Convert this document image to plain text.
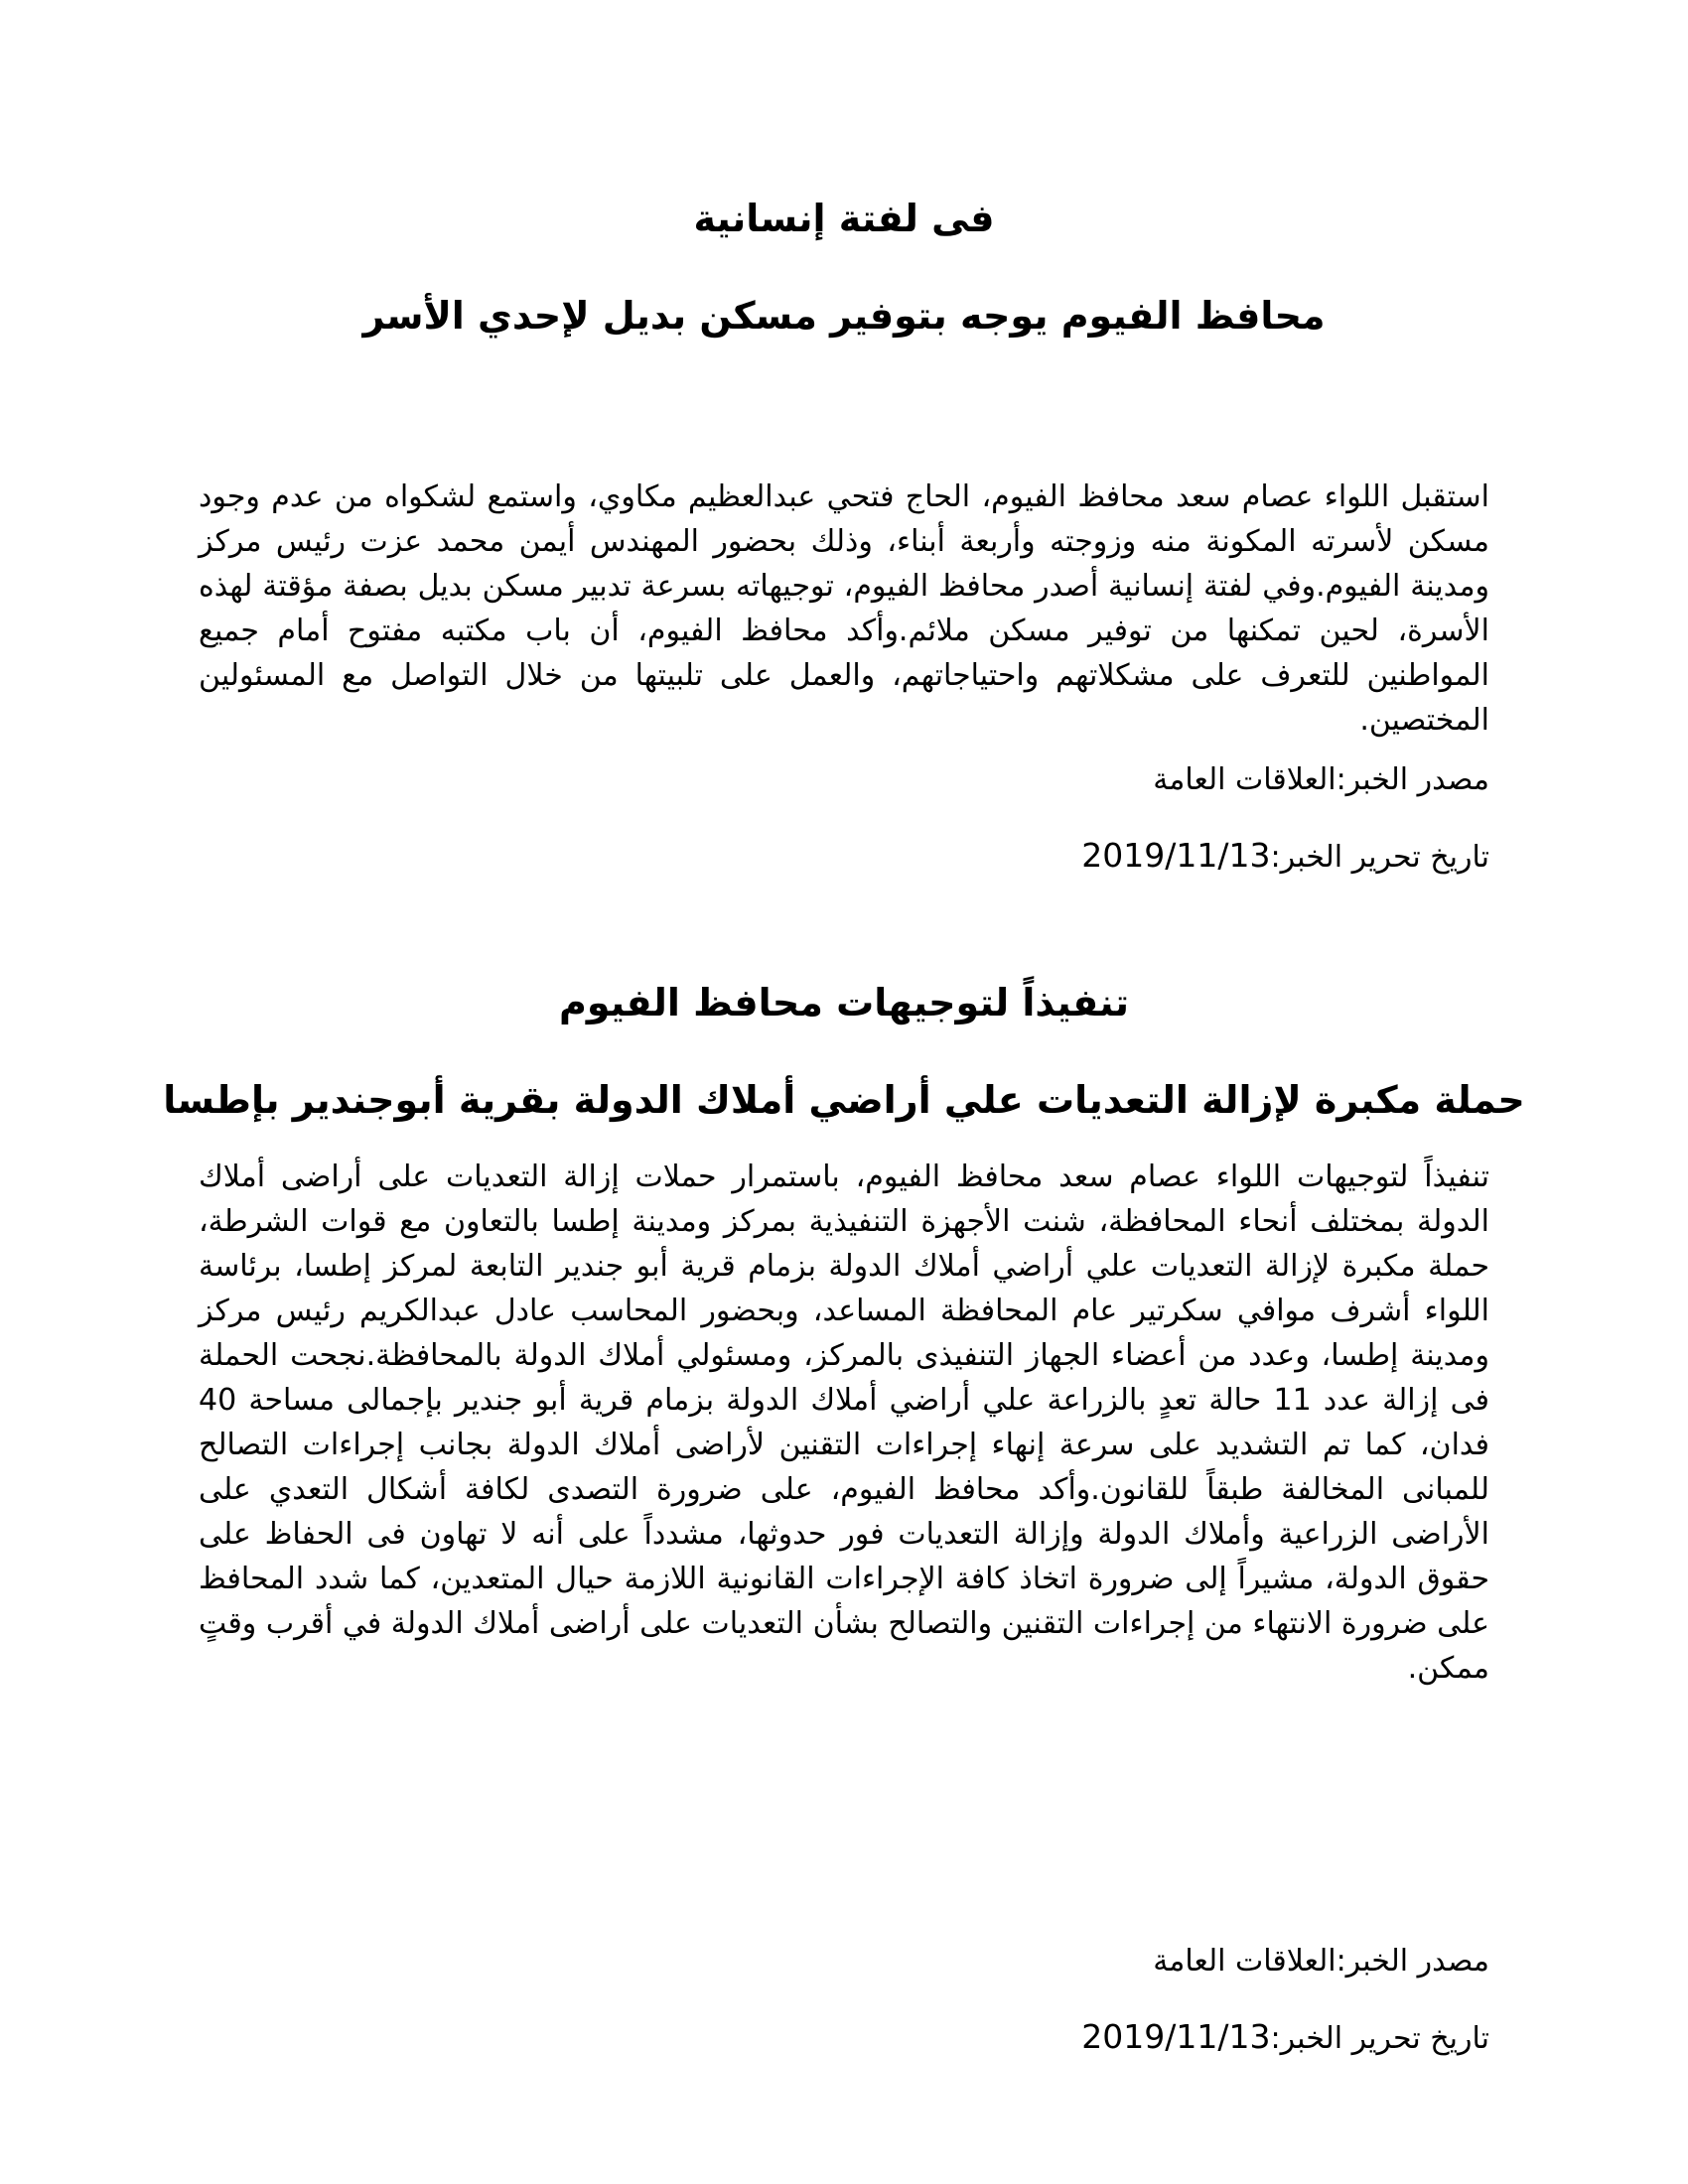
فى لفتة إنسانية
محافظ الفيوم يوجه بتوفير مسكن بديل لإحدي الأسر

استقبل اللواء عصام سعد محافظ الفيوم، الحاج فتحي عبدالعظيم مكاوي، واستمع لشكواه من عدم وجود مسكن لأسرته المكونة منه وزوجته وأربعة أبناء، وذلك بحضور المهندس أيمن محمد عزت رئيس مركز ومدينة الفيوم.وفي لفتة إنسانية أصدر محافظ الفيوم، توجيهاته بسرعة تدبير مسكن بديل بصفة مؤقتة لهذه الأسرة، لحين تمكنها من توفير مسكن ملائم.وأكد محافظ الفيوم، أن باب مكتبه مفتوح أمام جميع المواطنين للتعرف على مشكلاتهم واحتياجاتهم، والعمل على تلبيتها من خلال التواصل مع المسئولين المختصين.

مصدر الخبر:العلاقات العامة

تاريخ تحرير الخبر:2019/11/13

تنفيذاً لتوجيهات محافظ الفيوم
حملة مكبرة لإزالة التعديات علي أراضي أملاك الدولة بقرية أبوجندير بإطسا

تنفيذاً لتوجيهات اللواء عصام سعد محافظ الفيوم، باستمرار حملات إزالة التعديات على أراضى أملاك الدولة بمختلف أنحاء المحافظة، شنت الأجهزة التنفيذية بمركز ومدينة إطسا بالتعاون مع قوات الشرطة، حملة مكبرة لإزالة التعديات علي أراضي أملاك الدولة بزمام قرية أبو جندير التابعة لمركز إطسا، برئاسة اللواء أشرف موافي سكرتير عام المحافظة المساعد، وبحضور المحاسب عادل عبدالكريم رئيس مركز ومدينة إطسا، وعدد من أعضاء الجهاز التنفيذى بالمركز، ومسئولي أملاك الدولة بالمحافظة.نجحت الحملة فى إزالة عدد 11 حالة تعدٍ بالزراعة علي أراضي أملاك الدولة بزمام قرية أبو جندير بإجمالى مساحة 40 فدان، كما تم التشديد على سرعة إنهاء إجراءات التقنين لأراضى أملاك الدولة بجانب إجراءات التصالح للمبانى المخالفة طبقاً للقانون.وأكد محافظ الفيوم، على ضرورة التصدى لكافة أشكال التعدي على الأراضى الزراعية وأملاك الدولة وإزالة التعديات فور حدوثها، مشدداً على أنه لا تهاون فى الحفاظ على حقوق الدولة، مشيراً إلى ضرورة اتخاذ كافة الإجراءات القانونية اللازمة حيال المتعدين، كما شدد المحافظ على ضرورة الانتهاء من إجراءات التقنين والتصالح بشأن التعديات على أراضى أملاك الدولة في أقرب وقتٍ ممكن.

مصدر الخبر:العلاقات العامة

تاريخ تحرير الخبر:2019/11/13
